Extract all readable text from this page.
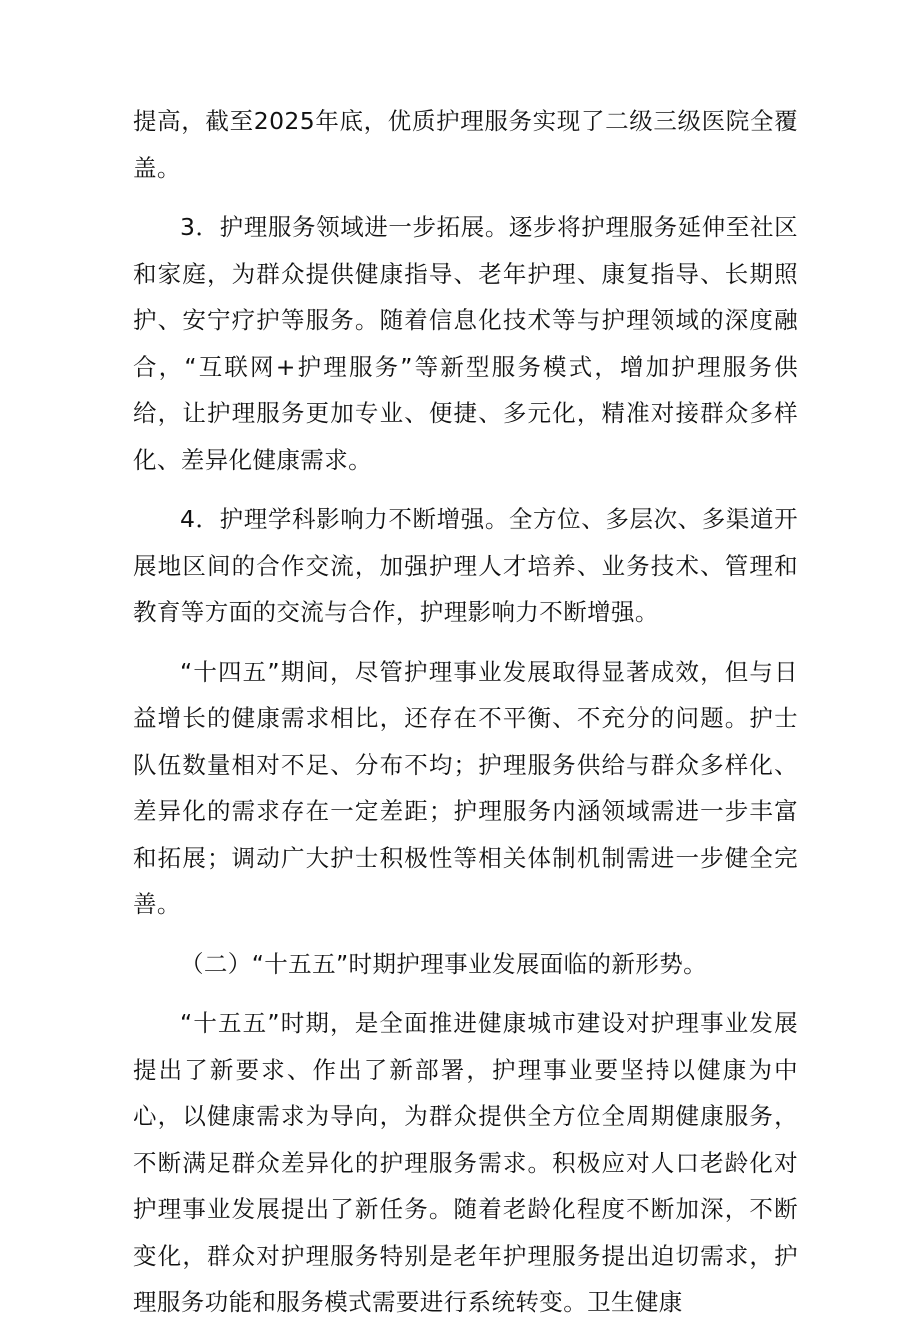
提高，截至2025年底，优质护理服务实现了二级三级医院全覆盖。

3．护理服务领域进一步拓展。逐步将护理服务延伸至社区和家庭，为群众提供健康指导、老年护理、康复指导、长期照护、安宁疗护等服务。随着信息化技术等与护理领域的深度融合，“互联网+护理服务”等新型服务模式，增加护理服务供给，让护理服务更加专业、便捷、多元化，精准对接群众多样化、差异化健康需求。

4．护理学科影响力不断增强。全方位、多层次、多渠道开展地区间的合作交流，加强护理人才培养、业务技术、管理和教育等方面的交流与合作，护理影响力不断增强。

“十四五”期间，尽管护理事业发展取得显著成效，但与日益增长的健康需求相比，还存在不平衡、不充分的问题。护士队伍数量相对不足、分布不均；护理服务供给与群众多样化、差异化的需求存在一定差距；护理服务内涵领域需进一步丰富和拓展；调动广大护士积极性等相关体制机制需进一步健全完善。

（二）“十五五”时期护理事业发展面临的新形势。

“十五五”时期，是全面推进健康城市建设对护理事业发展提出了新要求、作出了新部署，护理事业要坚持以健康为中心，以健康需求为导向，为群众提供全方位全周期健康服务，不断满足群众差异化的护理服务需求。积极应对人口老龄化对护理事业发展提出了新任务。随着老龄化程度不断加深，不断变化，群众对护理服务特别是老年护理服务提出迫切需求，护理服务功能和服务模式需要进行系统转变。卫生健康
